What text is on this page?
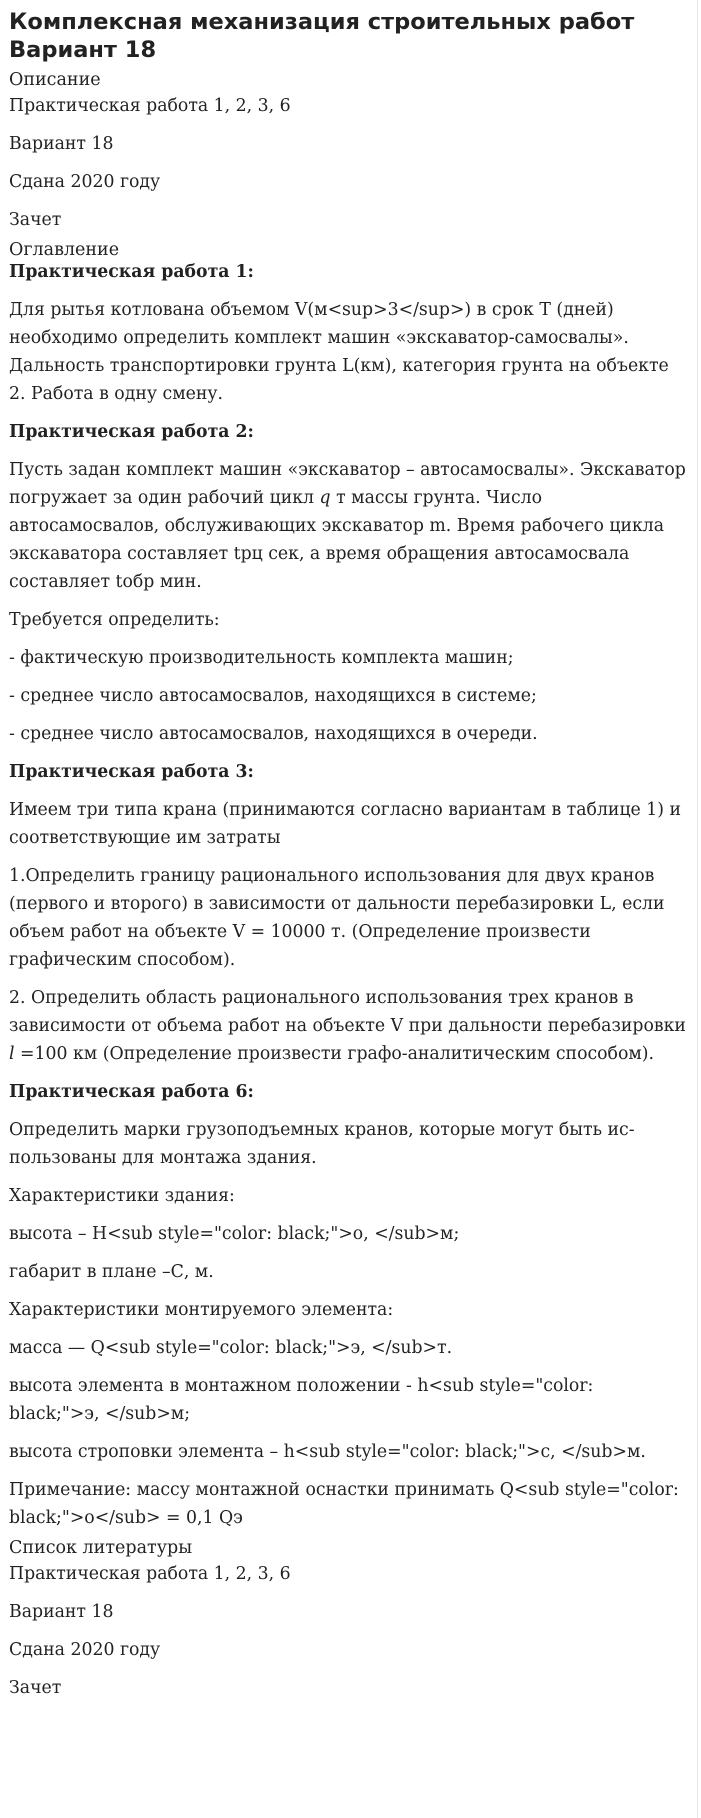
Комплексная механизация строительных работ
Вариант 18
Описание

Практическая работа 1, 2, 3, 6

Вариант 18

Сдана 2020 году

Зачет

Оглавление

Практическая работа 1:

Для рытья котлована объемом V(м<sup>3</sup>) в срок Т (дней) необходимо определить комплект машин «экскаватор-самосвалы». Дальность транспортировки грунта L(км), категория грунта на объекте 2. Работа в одну смену.

Практическая работа 2:

Пусть задан комплект машин «экскаватор – автосамосвалы». Экскаватор погружает за один рабочий цикл q т массы грунта. Число автосамосвалов, обслуживающих экскаватор m. Время рабочего цикла экскаватора составляет tрц сек, а время обращения автосамосвала составляет tобр мин.

Требуется определить:

- фактическую производительность комплекта машин;

- среднее число автосамосвалов, находящихся в системе;

- среднее число автосамосвалов, находящихся в очереди.

Практическая работа 3:

Имеем три типа крана (принимаются согласно вариантам в таблице 1) и соответствующие им затраты

1.Определить границу рационального использования для двух кранов (первого и второго) в зависимости от дальности перебазировки L, если объем работ на объекте V = 10000 т. (Определение произвести графическим способом).

2. Определить область рационального использования трех кранов в зависимости от объема работ на объекте V при дальности перебазировки

l =100 км (Определение произвести графо-аналитическим способом).

Практическая работа 6:

Определить марки грузоподъемных кранов, которые могут быть ис-пользованы для монтажа здания.

Характеристики здания:

высота – H<sub style="color: black;">о, </sub>м;

габарит в плане –С, м.

Характеристики монтируемого элемента:

масса — Q<sub style="color: black;">э, </sub>т.

высота элемента в монтажном положении - h<sub style="color: black;">э, </sub>м;

высота строповки элемента – h<sub style="color: black;">с, </sub>м.

Примечание: массу монтажной оснастки принимать Q<sub style="color: black;">о</sub> = 0,1 Qэ

Список литературы

Практическая работа 1, 2, 3, 6

Вариант 18

Сдана 2020 году

Зачет
